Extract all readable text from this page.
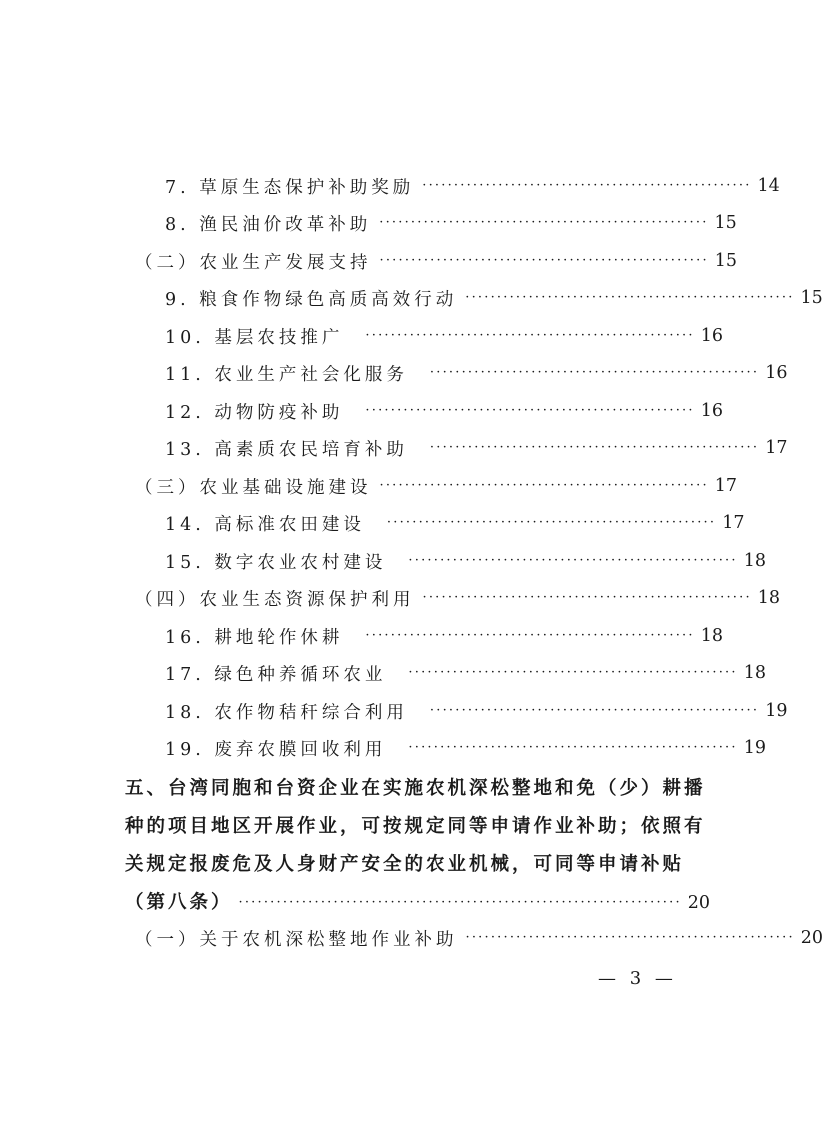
7. 草原生态保护补助奖励 ···················································· 14
8. 渔民油价改革补助 ···················································· 15
（二）农业生产发展支持 ···················································· 15
9. 粮食作物绿色高质高效行动 ···················································· 15
10. 基层农技推广 ···················································· 16
11. 农业生产社会化服务 ···················································· 16
12. 动物防疫补助 ···················································· 16
13. 高素质农民培育补助 ···················································· 17
（三）农业基础设施建设 ···················································· 17
14. 高标准农田建设 ···················································· 17
15. 数字农业农村建设 ···················································· 18
（四）农业生态资源保护利用 ···················································· 18
16. 耕地轮作休耕 ···················································· 18
17. 绿色种养循环农业 ···················································· 18
18. 农作物秸秆综合利用 ···················································· 19
19. 废弃农膜回收利用 ···················································· 19
五、台湾同胞和台资企业在实施农机深松整地和免（少）耕播
种的项目地区开展作业，可按规定同等申请作业补助；依照有
关规定报废危及人身财产安全的农业机械，可同等申请补贴
（第八条） ······································································ 20
（一）关于农机深松整地作业补助 ···················································· 20
— 3 —
